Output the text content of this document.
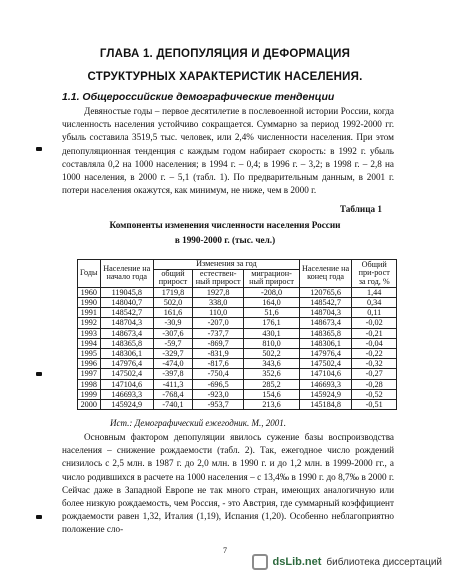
ГЛАВА 1. ДЕПОПУЛЯЦИЯ И ДЕФОРМАЦИЯ
СТРУКТУРНЫХ ХАРАКТЕРИСТИК НАСЕЛЕНИЯ.
1.1. Общероссийские демографические тенденции

Девяностые годы – первое десятилетие в послевоенной истории России, когда численность населения устойчиво сокращается. Суммарно за период 1992-2000 гг. убыль составила 3519,5 тыс. человек, или 2,4% численности населения. При этом депопуляционная тенденция с каждым годом набирает скорость: в 1992 г. убыль составляла 0,2 на 1000 населения; в 1994 г. – 0,4; в 1996 г. – 3,2; в 1998 г. – 2,8 на 1000 населения, в 2000 г. – 5,1 (табл. 1). По предварительным данным, в 2001 г. потери населения окажутся, как минимум, не ниже, чем в 2000 г.

Таблица 1
Компоненты изменения численности населения России
в 1990-2000 г. (тыс. чел.)
Годы	Население на начало года	Изменения за год			Население на конец года	Общий при-рост за год, %
		общий прирост	естествен-ный прирост	миграцион-ный прирост		
1960	119045,8	1719,8	1927,8	-208,0	120765,6	1,44
1990	148040,7	502,0	338,0	164,0	148542,7	0,34
1991	148542,7	161,6	110,0	51,6	148704,3	0,11
1992	148704,3	-30,9	-207,0	176,1	148673,4	-0,02
1993	148673,4	-307,6	-737,7	430,1	148365,8	-0,21
1994	148365,8	-59,7	-869,7	810,0	148306,1	-0,04
1995	148306,1	-329,7	-831,9	502,2	147976,4	-0,22
1996	147976,4	-474,0	-817,6	343,6	147502,4	-0,32
1997	147502,4	-397,8	-750,4	352,6	147104,6	-0,27
1998	147104,6	-411,3	-696,5	285,2	146693,3	-0,28
1999	146693,3	-768,4	-923,0	154,6	145924,9	-0,52
2000	145924,9	-740,1	-953,7	213,6	145184,8	-0,51
Ист.: Демографический ежегодник. М., 2001.

Основным фактором депопуляции явилось сужение базы воспроизводства населения – снижение рождаемости (табл. 2). Так, ежегодное число рождений снизилось с 2,5 млн. в 1987 г. до 2,0 млн. в 1990 г. и до 1,2 млн. в 1999-2000 гг., а число родившихся в расчете на 1000 населения – с 13,4‰ в 1990 г. до 8,7‰ в 2000 г. Сейчас даже в Западной Европе не так много стран, имеющих аналогичную или более низкую рождаемость, чем Россия, - это Австрия, где суммарный коэффициент рождаемости равен 1,32, Италия (1,19), Испания (1,20). Особенно неблагоприятно положение сло-

7
dsLib.net библиотека диссертаций
